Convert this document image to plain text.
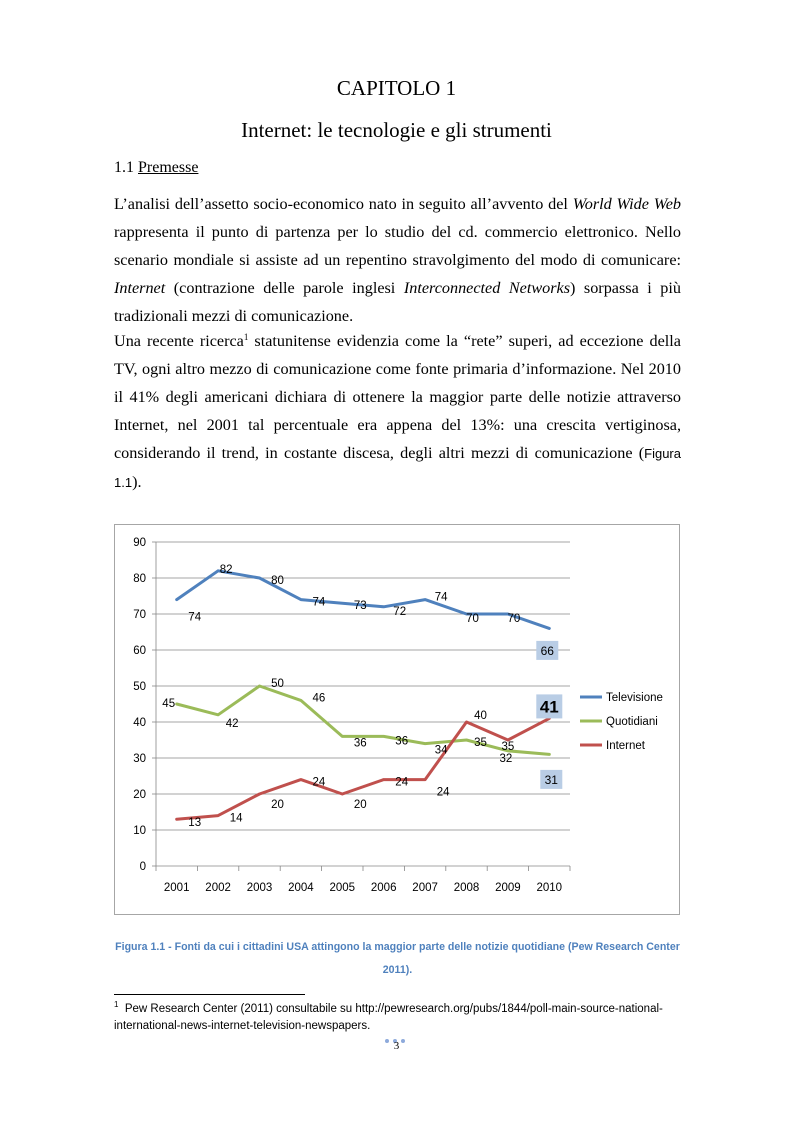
CAPITOLO 1
Internet: le tecnologie e gli strumenti
1.1 Premesse

L’analisi dell’assetto socio-economico nato in seguito all’avvento del World Wide Web rappresenta il punto di partenza per lo studio del cd. commercio elettronico. Nello scenario mondiale si assiste ad un repentino stravolgimento del modo di comunicare: Internet (contrazione delle parole inglesi Interconnected Networks) sorpassa i più tradizionali mezzi di comunicazione.

Una recente ricerca$^1$ statunitense evidenzia come la “rete” superi, ad eccezione della TV, ogni altro mezzo di comunicazione come fonte primaria d’informazione. Nel 2010 il 41% degli americani dichiara di ottenere la maggior parte delle notizie attraverso Internet, nel 2001 tal percentuale era appena del 13%: una crescita vertiginosa, considerando il trend, in costante discesa, degli altri mezzi di comunicazione (Figura 1.1).

0
10
20
30
40
50
60
70
80
90
2001 2002 2003 2004 2005 2006 2007 2008 2009 2010
74
82
80
74 73 72
74
70 70
66
45
42
50
46
36 36
34
35
32
31
13 14
20
24
20
24
24
40
35
41	Televisione
Quotidiani
Internet
Figura 1.1 - Fonti da cui i cittadini USA attingono la maggior parte delle notizie quotidiane (Pew Research Center 2011).
$^1$ Pew Research Center (2011) consultabile su http://pewresearch.org/pubs/1844/poll-main-source-national-international-news-internet-television-newspapers.
3
